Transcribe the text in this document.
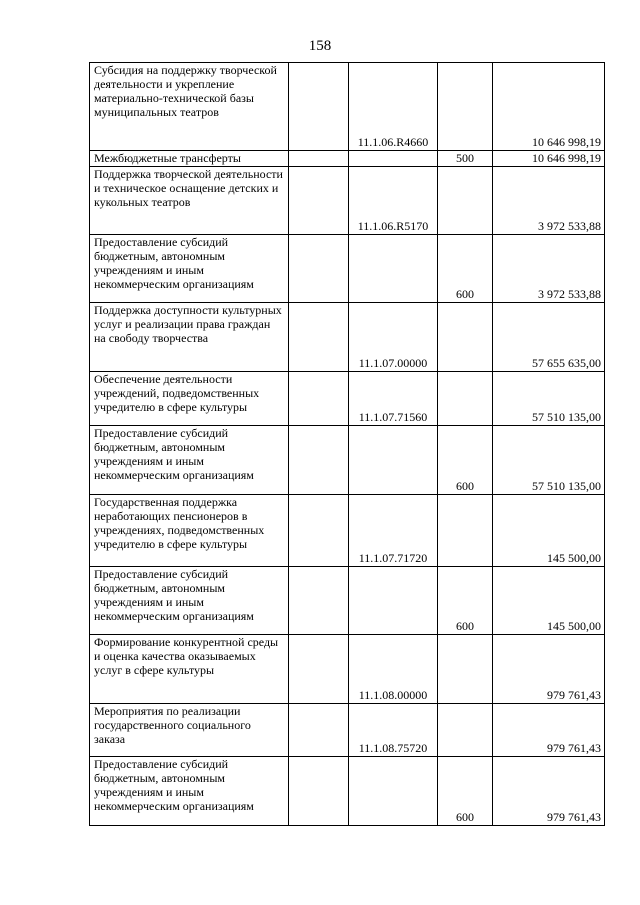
158
Субсидия на поддержку творческой деятельности и укрепление материально-технической базы муниципальных театров		11.1.06.R4660		10 646 998,19

Межбюджетные трансферты			500	10 646 998,19

Поддержка творческой деятельности и техническое оснащение детских и кукольных театров		11.1.06.R5170		3 972 533,88

Предоставление субсидий бюджетным, автономным учреждениям и иным некоммерческим организациям			600	3 972 533,88

Поддержка доступности культурных услуг и реализации права граждан на свободу творчества		11.1.07.00000		57 655 635,00

Обеспечение деятельности учреждений, подведомственных учредителю в сфере культуры		11.1.07.71560		57 510 135,00

Предоставление субсидий бюджетным, автономным учреждениям и иным некоммерческим организациям			600	57 510 135,00

Государственная поддержка неработающих пенсионеров в учреждениях, подведомственных учредителю в сфере культуры		11.1.07.71720		145 500,00

Предоставление субсидий бюджетным, автономным учреждениям и иным некоммерческим организациям			600	145 500,00

Формирование конкурентной среды и оценка качества оказываемых услуг в сфере культуры		11.1.08.00000		979 761,43

Мероприятия по реализации государственного социального заказа		11.1.08.75720		979 761,43

Предоставление субсидий бюджетным, автономным учреждениям и иным некоммерческим организациям			600	979 761,43
